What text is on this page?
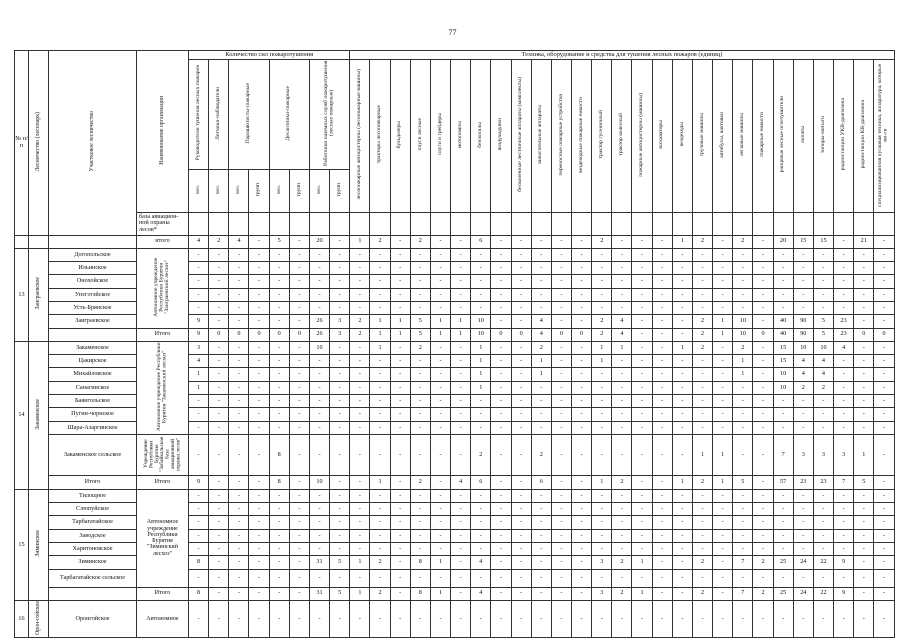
77
№ п/п	Лесничество (лесопарк)	Участковое лесничество	Наименование организации	Количество сил пожаротушения								Техника, оборудование и средства для тушения лесных пожаров (единиц)																										
				Руководители тушения лесных пожаров	Летчики-наблюдатели	Парашютисты-пожарные		Десантники-пожарные		Работники наземных служб пожаротушения (лесные пожарные)		лесопожарные автоцистерны (лесопожарные машины)	тракторы лесопожарные	бульдозеры	плуги лесные	плуги и грейдеры	мотопомпы	бензопилы	воздуходувки	бесконечные лестничные аппараты (комплекты)	зажигательные аппараты	переносные пожарные устройства	вездеходные пожарные емкости	трактор гусеничный	трактор колесный	пожарные автоцистерны (машины)	экскаваторы	вездеходы	грузовые машины	автобусы, вахтовки	легковые машины	пожарные емкости	ранцевые лесные огнетушители	лопаты	топоры-мотыги	радиостанции УКВ-диапазона	радиостанции КВ-диапазона	специализированная пусковая техника, аппаратура, которые мо-ги
				чел.	чел.	чел.	групп	чел.	групп	чел.	групп																											
			база авиацион-ной охраны лесов*																																			
			итого	4	2	4	-	5	-	20	-	1	2	-	2	-	-	6	-	-	-	-	-	2	-	-	-	1	2	-	2	-	20	15	15	-	21	-
13	Заиграевское	Догопольское	Автономное учреждение Республики Бурятия "Заиграевский лесхоз"	-	-	-	-	-	-	-	-	-	-	-	-	-	-	-	-	-	-	-	-	-	-	-	-	-	-	-	-	-	-	-	-	-	-	-
		Ильинское		-	-	-	-	-	-	-	-	-	-	-	-	-	-	-	-	-	-	-	-	-	-	-	-	-	-	-	-	-	-	-	-	-	-	-
		Онохойское		-	-	-	-	-	-	-	-	-	-	-	-	-	-	-	-	-	-	-	-	-	-	-	-	-	-	-	-	-	-	-	-	-	-	-
		Унэгэтэйское		-	-	-	-	-	-	-	-	-	-	-	-	-	-	-	-	-	-	-	-	-	-	-	-	-	-	-	-	-	-	-	-	-	-	-
		Усть-Брянское		-	-	-	-	-	-	-	-	-	-	-	-	-	-	-	-	-	-	-	-	-	-	-	-	-	-	-	-	-	-	-	-	-	-	-
		Заиграевское		9	-	-	-	-	-	26	3	2	1	1	5	1	1	10	-	-	4	-	-	2	4	-	-	-	2	1	10	-	40	90	5	23	-	-
			Итого	9	0	0	0	0	0	26	3	2	1	1	5	1	1	10	0	0	4	0	0	2	4	-	-	-	2	1	10	0	40	90	5	23	0	0
14	Закаменское	Закаменское	Автономное учреждение Республики Бурятия "Закаменский лесхоз"	3	-	-	-	-	-	10	-	-	1	-	2	-	-	1	-	-	2	-	-	1	1	-	-	1	2	-	2	-	15	10	10	4	-	-
		Цакирское		4	-	-	-	-	-	-	-	-	-	-	-	-	-	1	-	-	1	-	-	1	-	-	-	-	-	-	1	-	15	4	4	-	-	-
		Михайловское		1	-	-	-	-	-	-	-	-	-	-	-	-	-	1	-	-	1	-	-	-	-	-	-	-	-	-	1	-	10	4	4	-	-	-
		Санагинское		1	-	-	-	-	-	-	-	-	-	-	-	-	-	1	-	-	-	-	-	-	-	-	-	-	-	-	-	-	10	2	2	-	-	-
		Баянгольское		-	-	-	-	-	-	-	-	-	-	-	-	-	-	-	-	-	-	-	-	-	-	-	-	-	-	-	-	-	-	-	-	-	-	-
		Пугин-чорнское		-	-	-	-	-	-	-	-	-	-	-	-	-	-	-	-	-	-	-	-	-	-	-	-	-	-	-	-	-	-	-	-	-	-	-
		Шара-Азаргинское		-	-	-	-	-	-	-	-	-	-	-	-	-	-	-	-	-	-	-	-	-	-	-	-	-	-	-	-	-	-	-	-	-	-	-
		Закаменское сельское	Учреждение Республики Бурятия "Забайкальская база авиационной охраны лесов"	-	-	-	-	8	-	-	-	-	-	-	-	-	-	2	-	-	2	-	-	-	-	-	-	-	1	1	-	-	7	3	3	3	1	-
		Итого	Итого	9	-	-	-	8	-	10	-	-	1	-	2	-	4	6	-	-	6	-	-	1	2	-	-	1	2	1	5	-	57	23	23	7	5	-
15	Зиминское	Тилощное	Автономное учреждение Республики Бурятия "Зиминский лесхоз"	-	-	-	-	-	-	-	-	-	-	-	-	-	-	-	-	-	-	-	-	-	-	-	-	-	-	-	-	-	-	-	-	-	-	-
		Слюпуйское		-	-	-	-	-	-	-	-	-	-	-	-	-	-	-	-	-	-	-	-	-	-	-	-	-	-	-	-	-	-	-	-	-	-	-
		Тарбагатайское		-	-	-	-	-	-	-	-	-	-	-	-	-	-	-	-	-	-	-	-	-	-	-	-	-	-	-	-	-	-	-	-	-	-	-
		Заводское		-	-	-	-	-	-	-	-	-	-	-	-	-	-	-	-	-	-	-	-	-	-	-	-	-	-	-	-	-	-	-	-	-	-	-
		Харитоновское		-	-	-	-	-	-	-	-	-	-	-	-	-	-	-	-	-	-	-	-	-	-	-	-	-	-	-	-	-	-	-	-	-	-	-
		Зиминское		8	-	-	-	-	-	31	5	1	2	-	8	1	-	4	-	-	-	-	-	3	2	1	-	-	2	-	7	2	25	24	22	9	-	-
		Тарбагатайское сельское		-	-	-	-	-	-	-	-	-	-	-	-	-	-	-	-	-	-	-	-	-	-	-	-	-	-	-	-	-	-	-	-	-	-	-
			Итого	8	-	-	-	-	-	31	5	1	2	-	8	1	-	4	-	-	-	-	-	3	2	1	-	-	2	-	7	2	25	24	22	9	-	-
16	Орон-гойское	Оронгойское	Автономное	-	-	-	-	-	-	-	-	-	-	-	-	-	-	-	-	-	-	-	-	-	-	-	-	-	-	-	-	-	-	-	-	-	-	-
